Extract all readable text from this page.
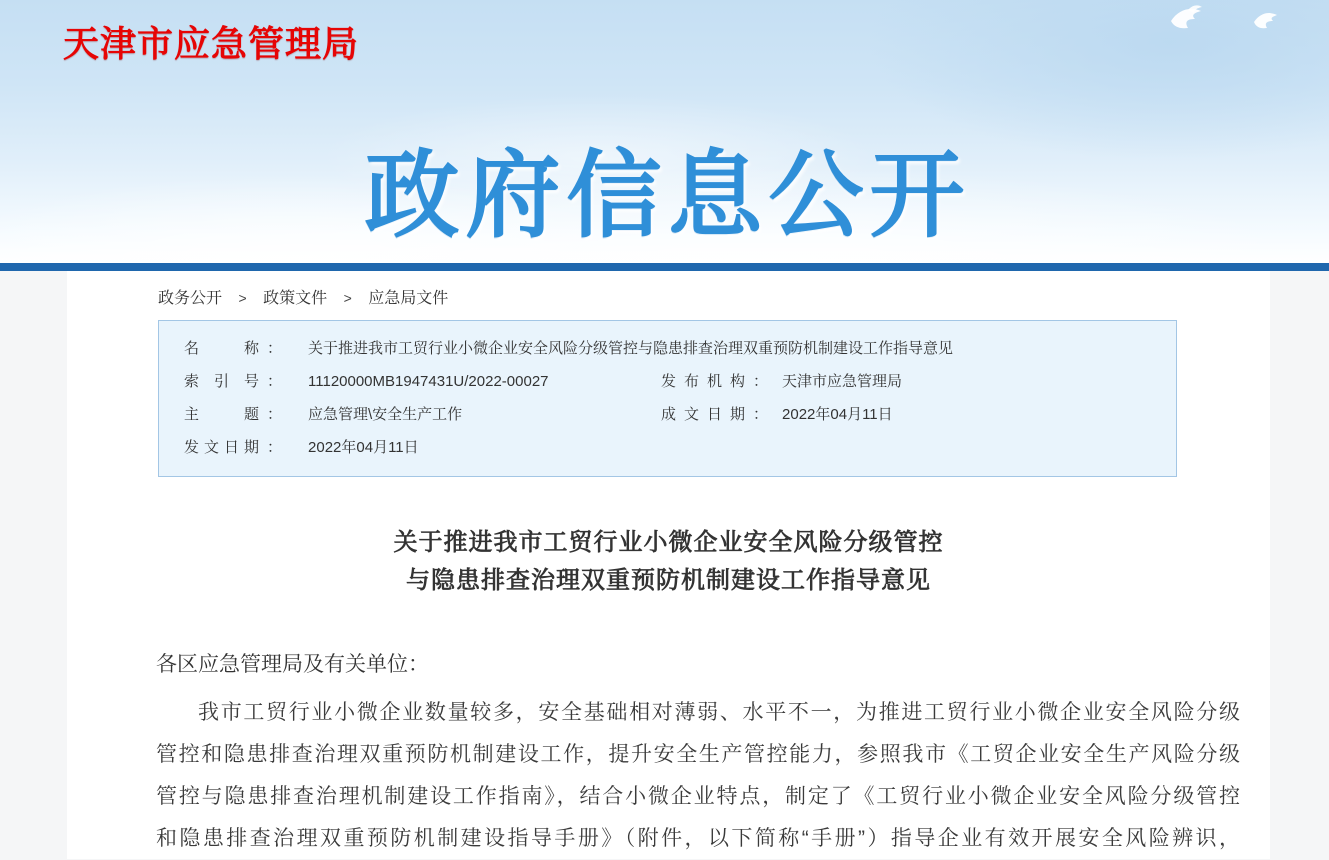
天津市应急管理局
政府信息公开
政务公开 > 政策文件 > 应急局文件
名称 ： 关于推进我市工贸行业小微企业安全风险分级管控与隐患排查治理双重预防机制建设工作指导意见
索引号 ： 11120000MB1947431U/2022-00027	发布机构 ： 天津市应急管理局
主题 ： 应急管理\安全生产工作	成文日期 ： 2022年04月11日
发文日期 ： 2022年04月11日
关于推进我市工贸行业小微企业安全风险分级管控
与隐患排查治理双重预防机制建设工作指导意见
各区应急管理局及有关单位：
我市工贸行业小微企业数量较多，安全基础相对薄弱、水平不一，为推进工贸行业小微企业安全风险分级
管控和隐患排查治理双重预防机制建设工作，提升安全生产管控能力，参照我市《工贸企业安全生产风险分级
管控与隐患排查治理机制建设工作指南》，结合小微企业特点，制定了《工贸行业小微企业安全风险分级管控
和隐患排查治理双重预防机制建设指导手册》（附件，以下简称“手册”）指导企业有效开展安全风险辨识，
